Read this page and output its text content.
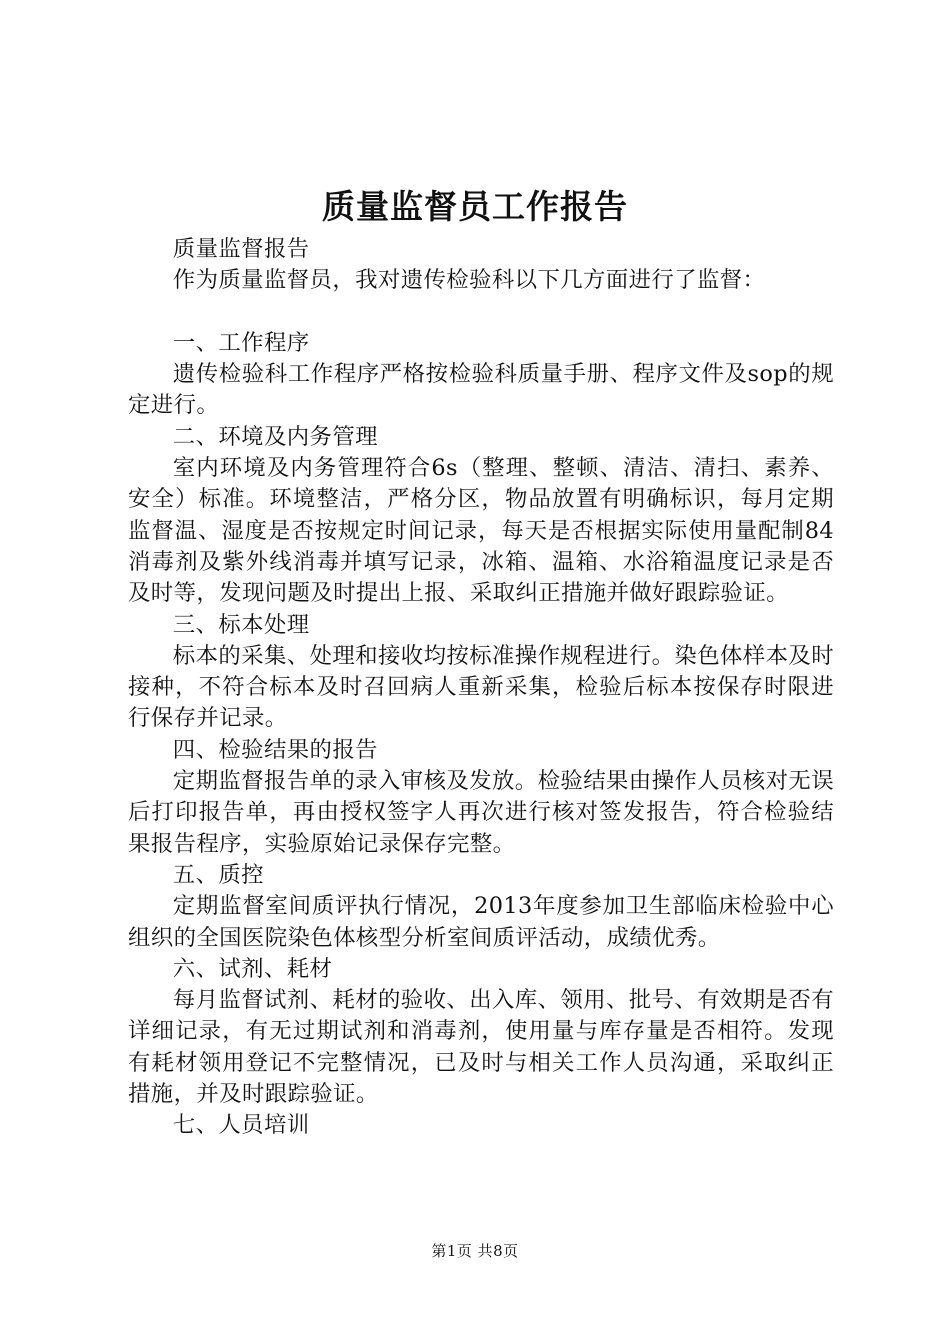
质量监督员工作报告

质量监督报告

作为质量监督员，我对遗传检验科以下几方面进行了监督：

一、工作程序

遗传检验科工作程序严格按检验科质量手册、程序文件及sop的规定进行。

二、环境及内务管理

室内环境及内务管理符合6s（整理、整顿、清洁、清扫、素养、安全）标准。环境整洁，严格分区，物品放置有明确标识，每月定期监督温、湿度是否按规定时间记录，每天是否根据实际使用量配制84消毒剂及紫外线消毒并填写记录，冰箱、温箱、水浴箱温度记录是否及时等，发现问题及时提出上报、采取纠正措施并做好跟踪验证。

三、标本处理

标本的采集、处理和接收均按标准操作规程进行。染色体样本及时接种，不符合标本及时召回病人重新采集，检验后标本按保存时限进行保存并记录。

四、检验结果的报告

定期监督报告单的录入审核及发放。检验结果由操作人员核对无误后打印报告单，再由授权签字人再次进行核对签发报告，符合检验结果报告程序，实验原始记录保存完整。

五、质控

定期监督室间质评执行情况，2013年度参加卫生部临床检验中心组织的全国医院染色体核型分析室间质评活动，成绩优秀。

六、试剂、耗材

每月监督试剂、耗材的验收、出入库、领用、批号、有效期是否有详细记录，有无过期试剂和消毒剂，使用量与库存量是否相符。发现有耗材领用登记不完整情况，已及时与相关工作人员沟通，采取纠正措施，并及时跟踪验证。

七、人员培训

第1页 共8页
